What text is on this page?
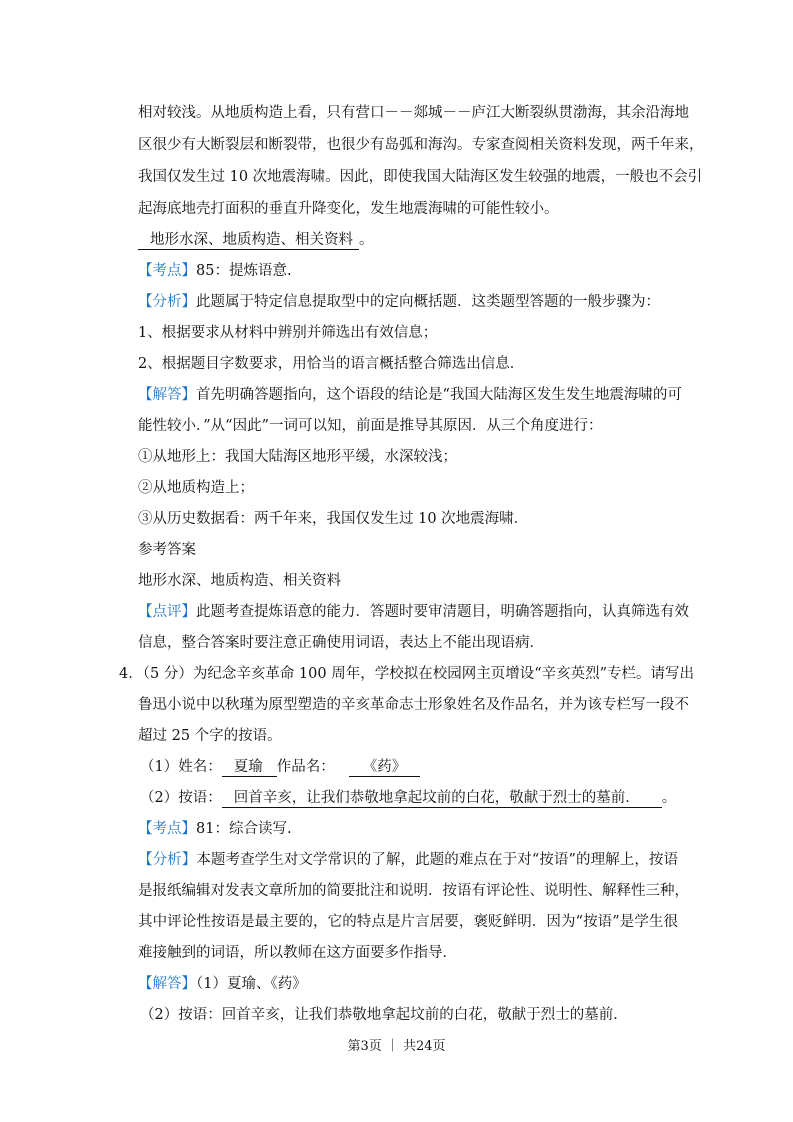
相对较浅。从地质构造上看，只有营口－－郯城－－庐江大断裂纵贯渤海，其余沿海地
区很少有大断裂层和断裂带，也很少有岛弧和海沟。专家查阅相关资料发现，两千年来，
我国仅发生过 10 次地震海啸。因此，即使我国大陆海区发生较强的地震，一般也不会引
起海底地壳打面积的垂直升降变化，发生地震海啸的可能性较小。
地形水深、地质构造、相关资料 。
【考点】85：提炼语意.
【分析】此题属于特定信息提取型中的定向概括题．这类题型答题的一般步骤为：
1、根据要求从材料中辨别并筛选出有效信息；
2、根据题目字数要求，用恰当的语言概括整合筛选出信息．
【解答】首先明确答题指向，这个语段的结论是“我国大陆海区发生发生地震海啸的可
能性较小．”从“因此”一词可以知，前面是推导其原因．从三个角度进行：
①从地形上：我国大陆海区地形平缓，水深较浅；
②从地质构造上；
③从历史数据看：两千年来，我国仅发生过 10 次地震海啸．
参考答案
地形水深、地质构造、相关资料
【点评】此题考查提炼语意的能力．答题时要审清题目，明确答题指向，认真筛选有效
信息，整合答案时要注意正确使用词语，表达上不能出现语病．
4．（5 分）为纪念辛亥革命 100 周年，学校拟在校园网主页增设“辛亥英烈”专栏。请写出
鲁迅小说中以秋瑾为原型塑造的辛亥革命志士形象姓名及作品名，并为该专栏写一段不
超过 25 个字的按语。
（1）姓名： 夏瑜 作品名： 《药》
（2）按语： 回首辛亥，让我们恭敬地拿起坟前的白花，敬献于烈士的墓前． 。
【考点】81：综合读写.
【分析】本题考查学生对文学常识的了解，此题的难点在于对“按语”的理解上，按语
是报纸编辑对发表文章所加的简要批注和说明．按语有评论性、说明性、解释性三种，
其中评论性按语是最主要的，它的特点是片言居要，褒贬鲜明．因为“按语”是学生很
难接触到的词语，所以教师在这方面要多作指导．
【解答】（1）夏瑜、《药》
（2）按语：回首辛亥，让我们恭敬地拿起坟前的白花，敬献于烈士的墓前．
第3页 ｜ 共24页
